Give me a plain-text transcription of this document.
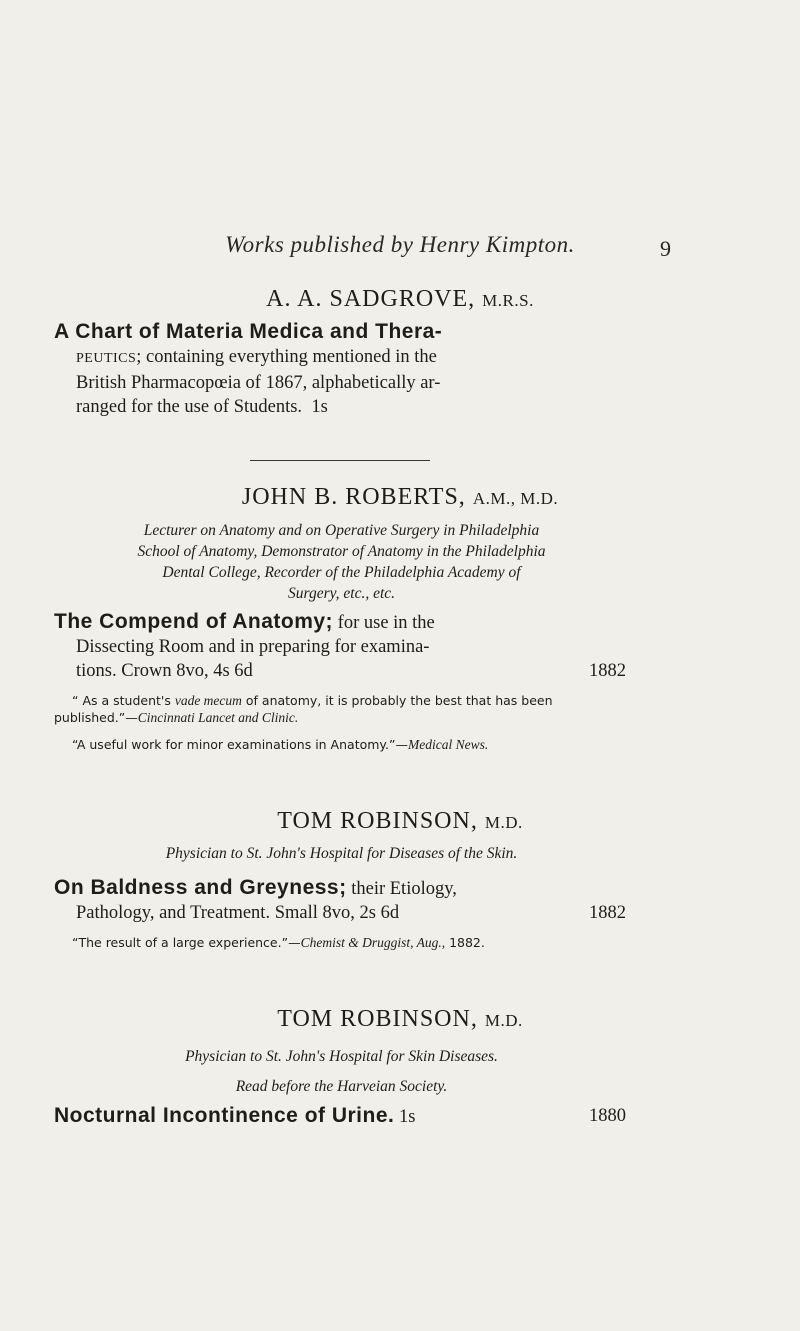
Works published by Henry Kimpton.	9
A. A. SADGROVE, M.R.S.
A Chart of Materia Medica and Thera-

PEUTICS; containing everything mentioned in the
British Pharmacopœia of 1867, alphabetically ar-
ranged for the use of Students. 1s
JOHN B. ROBERTS, A.M., M.D.
Lecturer on Anatomy and on Operative Surgery in Philadelphia
School of Anatomy, Demonstrator of Anatomy in the Philadelphia
Dental College, Recorder of the Philadelphia Academy of
Surgery, etc., etc.
The Compend of Anatomy; for use in the

Dissecting Room and in preparing for examina-
tions. Crown 8vo, 4s 6d	1882
“ As a student's vade mecum of anatomy, it is probably the best that has been published.”—Cincinnati Lancet and Clinic.
“A useful work for minor examinations in Anatomy.”—Medical News.
TOM ROBINSON, M.D.
Physician to St. John's Hospital for Diseases of the Skin.
On Baldness and Greyness; their Etiology,

Pathology, and Treatment. Small 8vo, 2s 6d	1882
“The result of a large experience.”—Chemist & Druggist, Aug., 1882.
TOM ROBINSON, M.D.
Physician to St. John's Hospital for Skin Diseases.
Read before the Harveian Society.
Nocturnal Incontinence of Urine. 1s	1880
